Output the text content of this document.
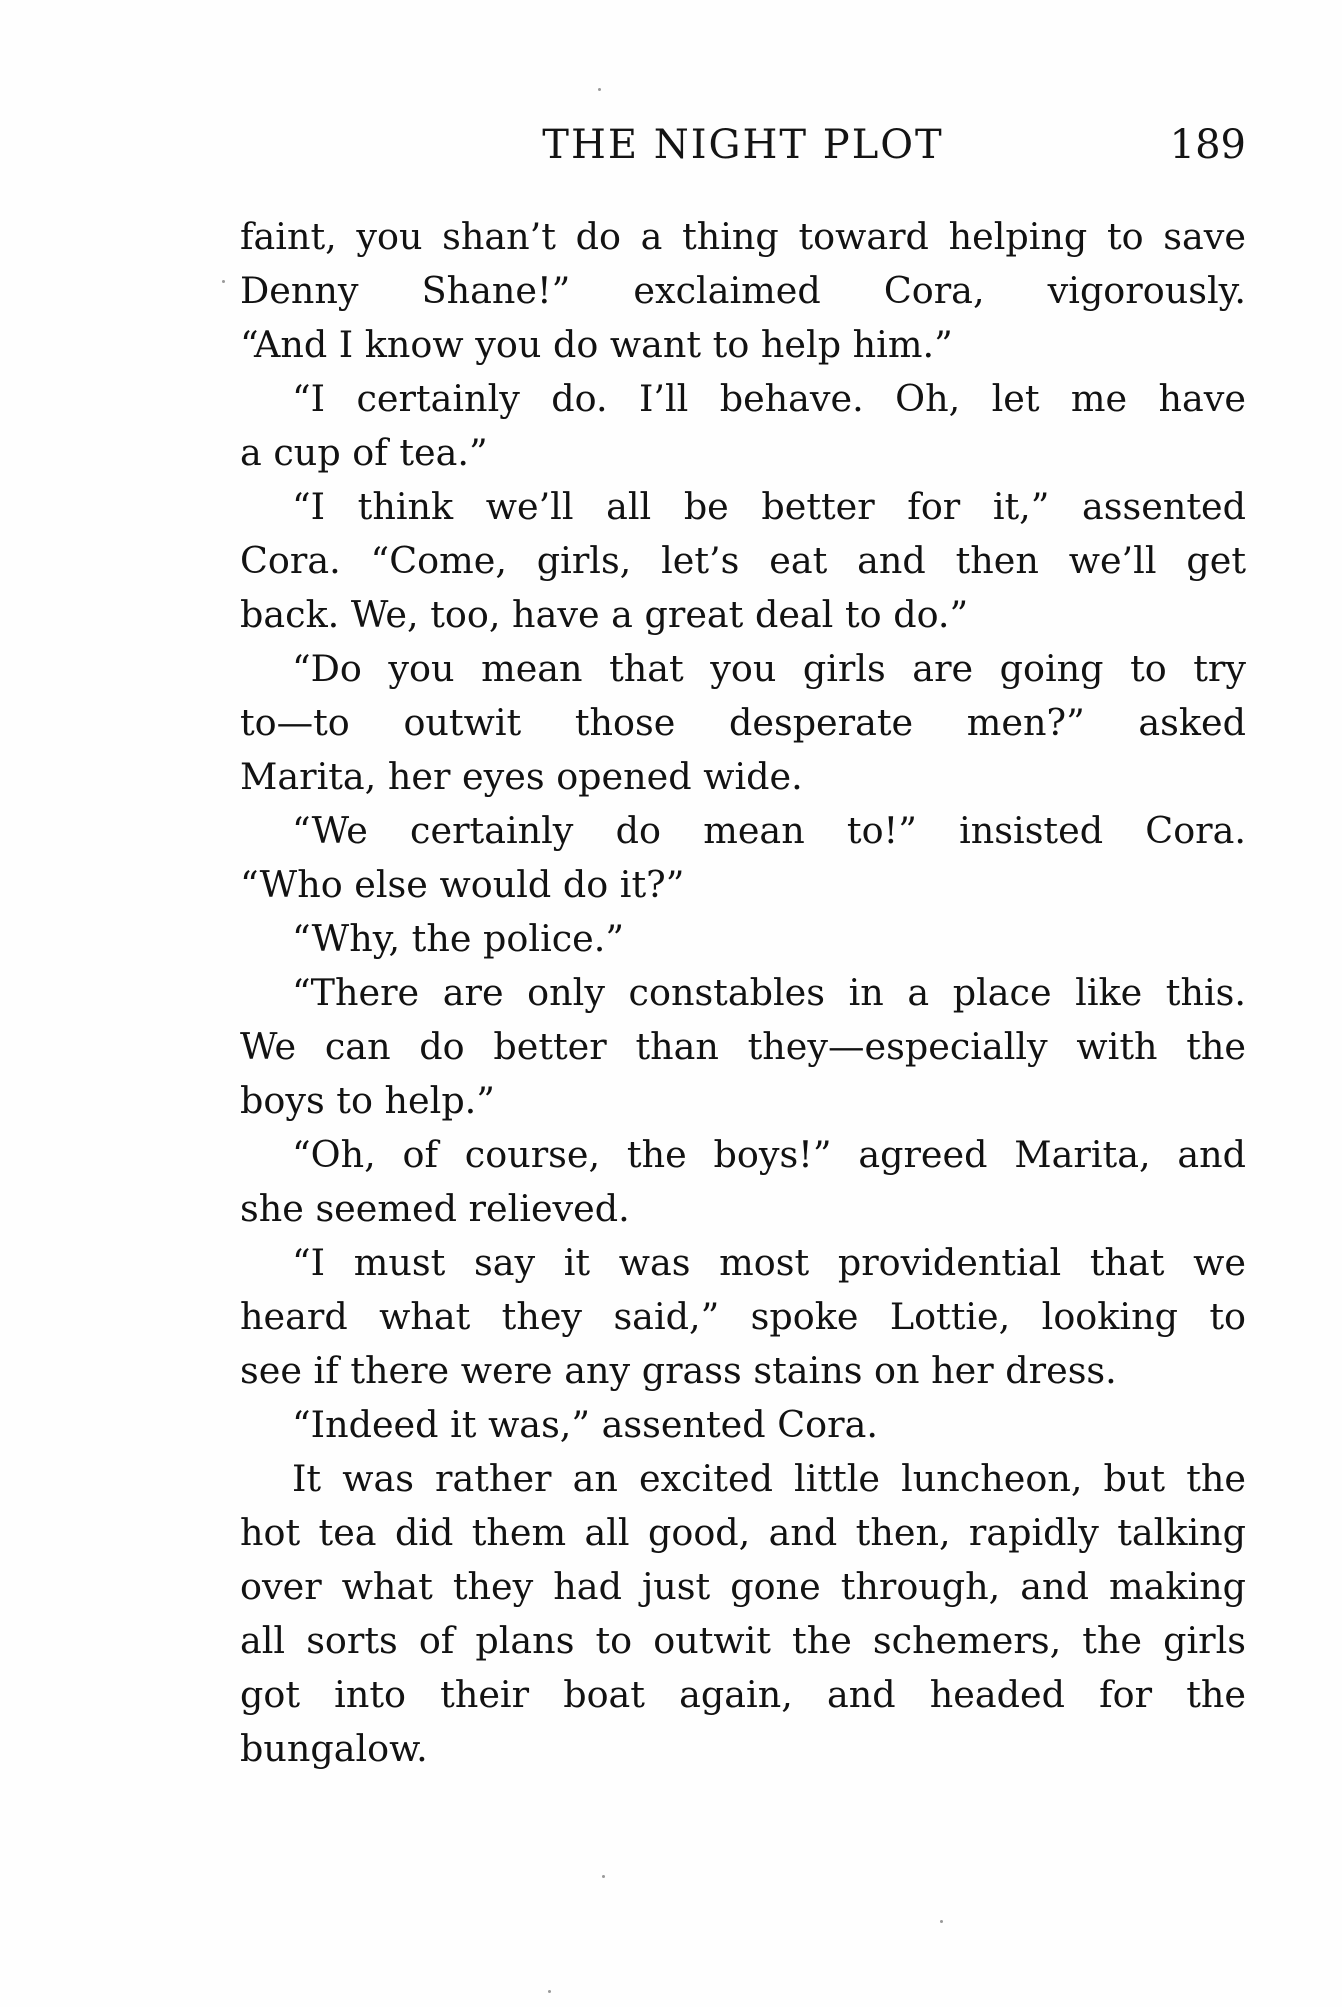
THE NIGHT PLOT	189
faint, you shan’t do a thing toward helping to save
Denny Shane!” exclaimed Cora, vigorously.
“And I know you do want to help him.”
“I certainly do. I’ll behave. Oh, let me have
a cup of tea.”
“I think we’ll all be better for it,” assented
Cora. “Come, girls, let’s eat and then we’ll get
back. We, too, have a great deal to do.”
“Do you mean that you girls are going to try
to—to outwit those desperate men?” asked
Marita, her eyes opened wide.
“We certainly do mean to!” insisted Cora.
“Who else would do it?”
“Why, the police.”
“There are only constables in a place like this.
We can do better than they—especially with the
boys to help.”
“Oh, of course, the boys!” agreed Marita, and
she seemed relieved.
“I must say it was most providential that we
heard what they said,” spoke Lottie, looking to
see if there were any grass stains on her dress.
“Indeed it was,” assented Cora.
It was rather an excited little luncheon, but the
hot tea did them all good, and then, rapidly talking
over what they had just gone through, and making
all sorts of plans to outwit the schemers, the girls
got into their boat again, and headed for the
bungalow.
